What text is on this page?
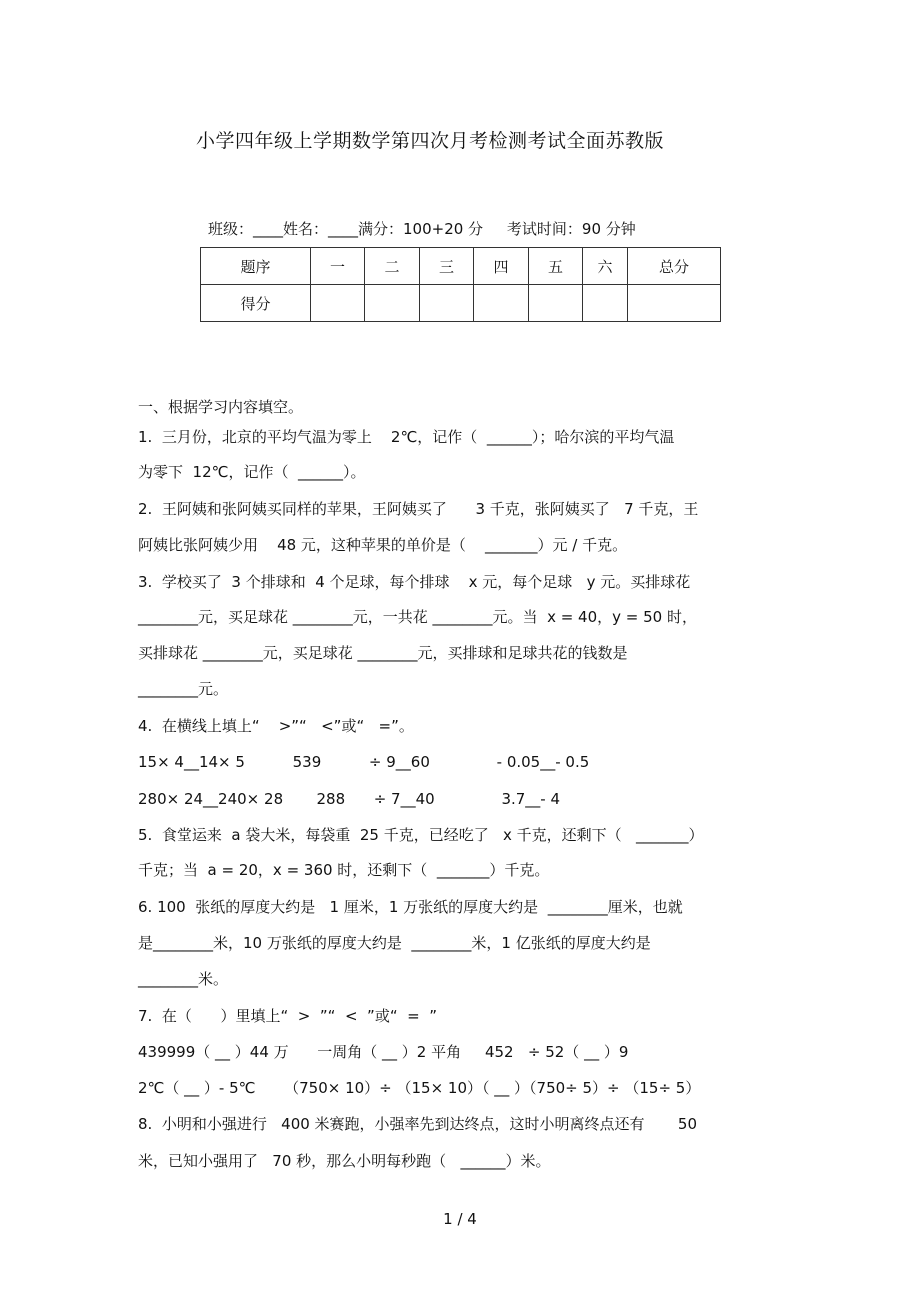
小学四年级上学期数学第四次月考检测考试全面苏教版
班级：____姓名：____满分：100+20 分     考试时间：90 分钟
题序	一	二	三	四	五	六	总分
得分							
一、根据学习内容填空。
1.  三月份，北京的平均气温为零上    2℃，记作（  ______）；哈尔滨的平均气温
为零下  12℃，记作（  ______）。
2.  王阿姨和张阿姨买同样的苹果，王阿姨买了      3 千克，张阿姨买了   7 千克，王
阿姨比张阿姨少用    48 元，这种苹果的单价是（    _______）元 / 千克。
3.  学校买了  3 个排球和  4 个足球，每个排球    x 元，每个足球   y 元。买排球花
________元，买足球花 ________元，一共花 ________元。当  x = 40，y = 50 时，
买排球花 ________元，买足球花 ________元，买排球和足球共花的钱数是
________元。
4.  在横线上填上“    >”“   <”或“   =”。
15× 4__14× 5          539          ÷ 9__60              - 0.05__- 0.5
280× 24__240× 28       288      ÷ 7__40              3.7__- 4
5.  食堂运来  a 袋大米，每袋重  25 千克，已经吃了   x 千克，还剩下（   _______）
千克；当  a = 20，x = 360 时，还剩下（  _______）千克。
6. 100  张纸的厚度大约是   1 厘米，1 万张纸的厚度大约是  ________厘米，也就
是________米，10 万张纸的厚度大约是  ________米，1 亿张纸的厚度大约是
________米。
7.  在（      ）里填上“  >  ”“  <  ”或“  =  ”
439999（ __ ）44 万      一周角（ __ ）2 平角     452   ÷ 52（ __ ）9
2℃（ __ ）- 5℃      （750× 10）÷ （15× 10）（ __ ）（750÷ 5）÷ （15÷ 5）
8.  小明和小强进行   400 米赛跑，小强率先到达终点，这时小明离终点还有       50
米，已知小强用了   70 秒，那么小明每秒跑（   ______）米。
1 / 4
